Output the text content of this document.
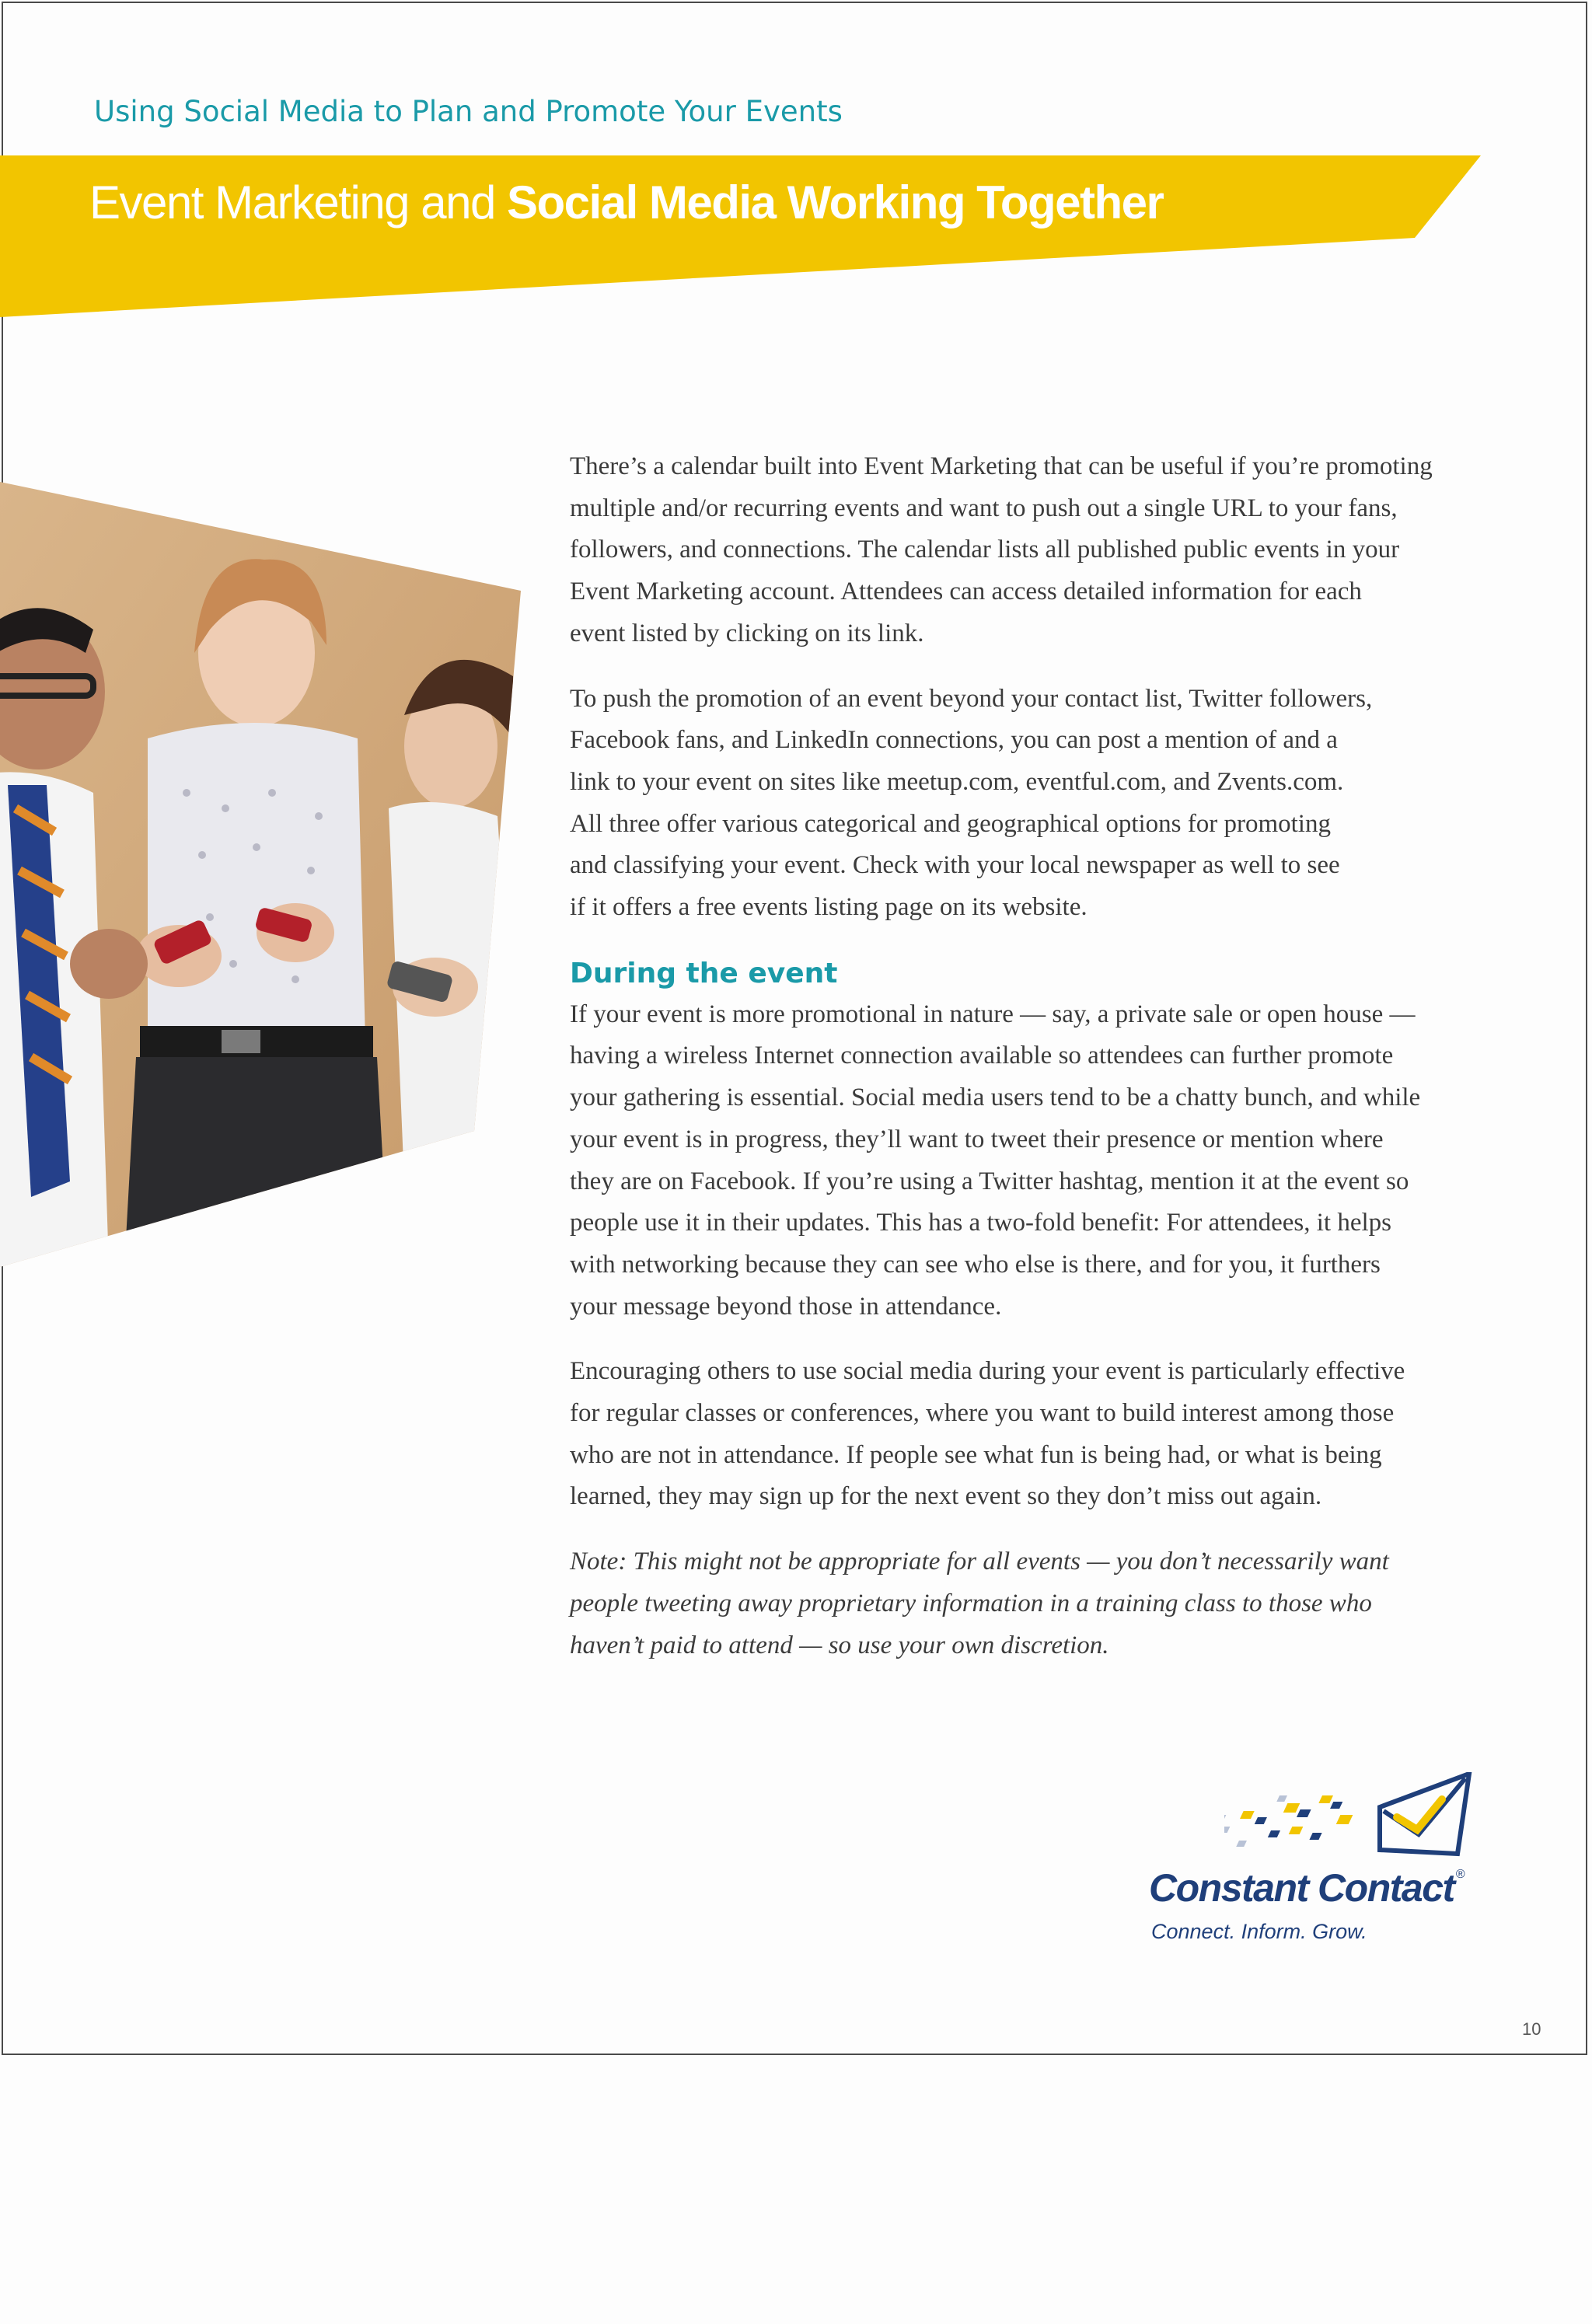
Using Social Media to Plan and Promote Your Events
Event Marketing and Social Media Working Together

There’s a calendar built into Event Marketing that can be useful if you’re promoting
multiple and/or recurring events and want to push out a single URL to your fans,
followers, and connections. The calendar lists all published public events in your
Event Marketing account. Attendees can access detailed information for each
event listed by clicking on its link.

To push the promotion of an event beyond your contact list, Twitter followers,
Facebook fans, and LinkedIn connections, you can post a mention of and a
link to your event on sites like meetup.com, eventful.com, and Zvents.com.
All three offer various categorical and geographical options for promoting
and classifying your event. Check with your local newspaper as well to see
if it offers a free events listing page on its website.

During the event

If your event is more promotional in nature — say, a private sale or open house —
having a wireless Internet connection available so attendees can further promote
your gathering is essential. Social media users tend to be a chatty bunch, and while
your event is in progress, they’ll want to tweet their presence or mention where
they are on Facebook. If you’re using a Twitter hashtag, mention it at the event so
people use it in their updates. This has a two-fold benefit: For attendees, it helps
with networking because they can see who else is there, and for you, it furthers
your message beyond those in attendance.

Encouraging others to use social media during your event is particularly effective
for regular classes or conferences, where you want to build interest among those
who are not in attendance. If people see what fun is being had, or what is being
learned, they may sign up for the next event so they don’t miss out again.

Note: This might not be appropriate for all events — you don’t necessarily want
people tweeting away proprietary information in a training class to those who
haven’t paid to attend — so use your own discretion.

Constant Contact ®
Connect. Inform. Grow.
10
